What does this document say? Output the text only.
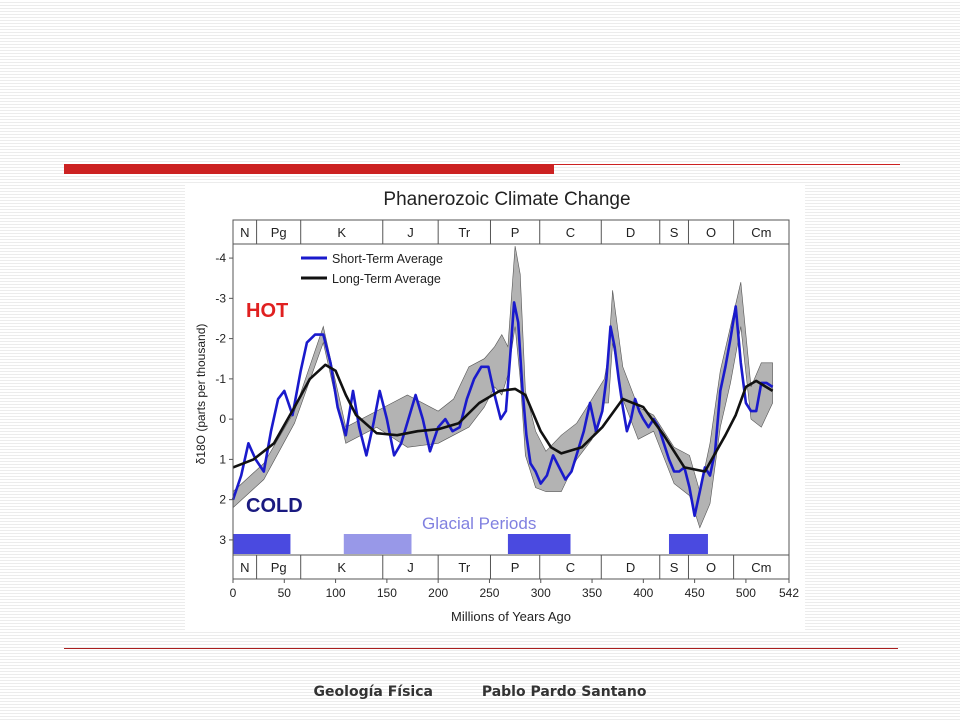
Phanerozoic Climate Change
N Pg	K	J	Tr	P	C	D	S O	Cm
N Pg	K	J	Tr	P	C	D	S O	Cm
-4
-3
-2
-1
0
1
2
3
0	50	100	150	200	250	300	350	400	450	500 542
HOT
COLD
Glacial Periods
Short-Term Average
Long-Term Average
Millions of Years Ago
δ18O (parts per thousand)
Geología Física	Pablo Pardo Santano
